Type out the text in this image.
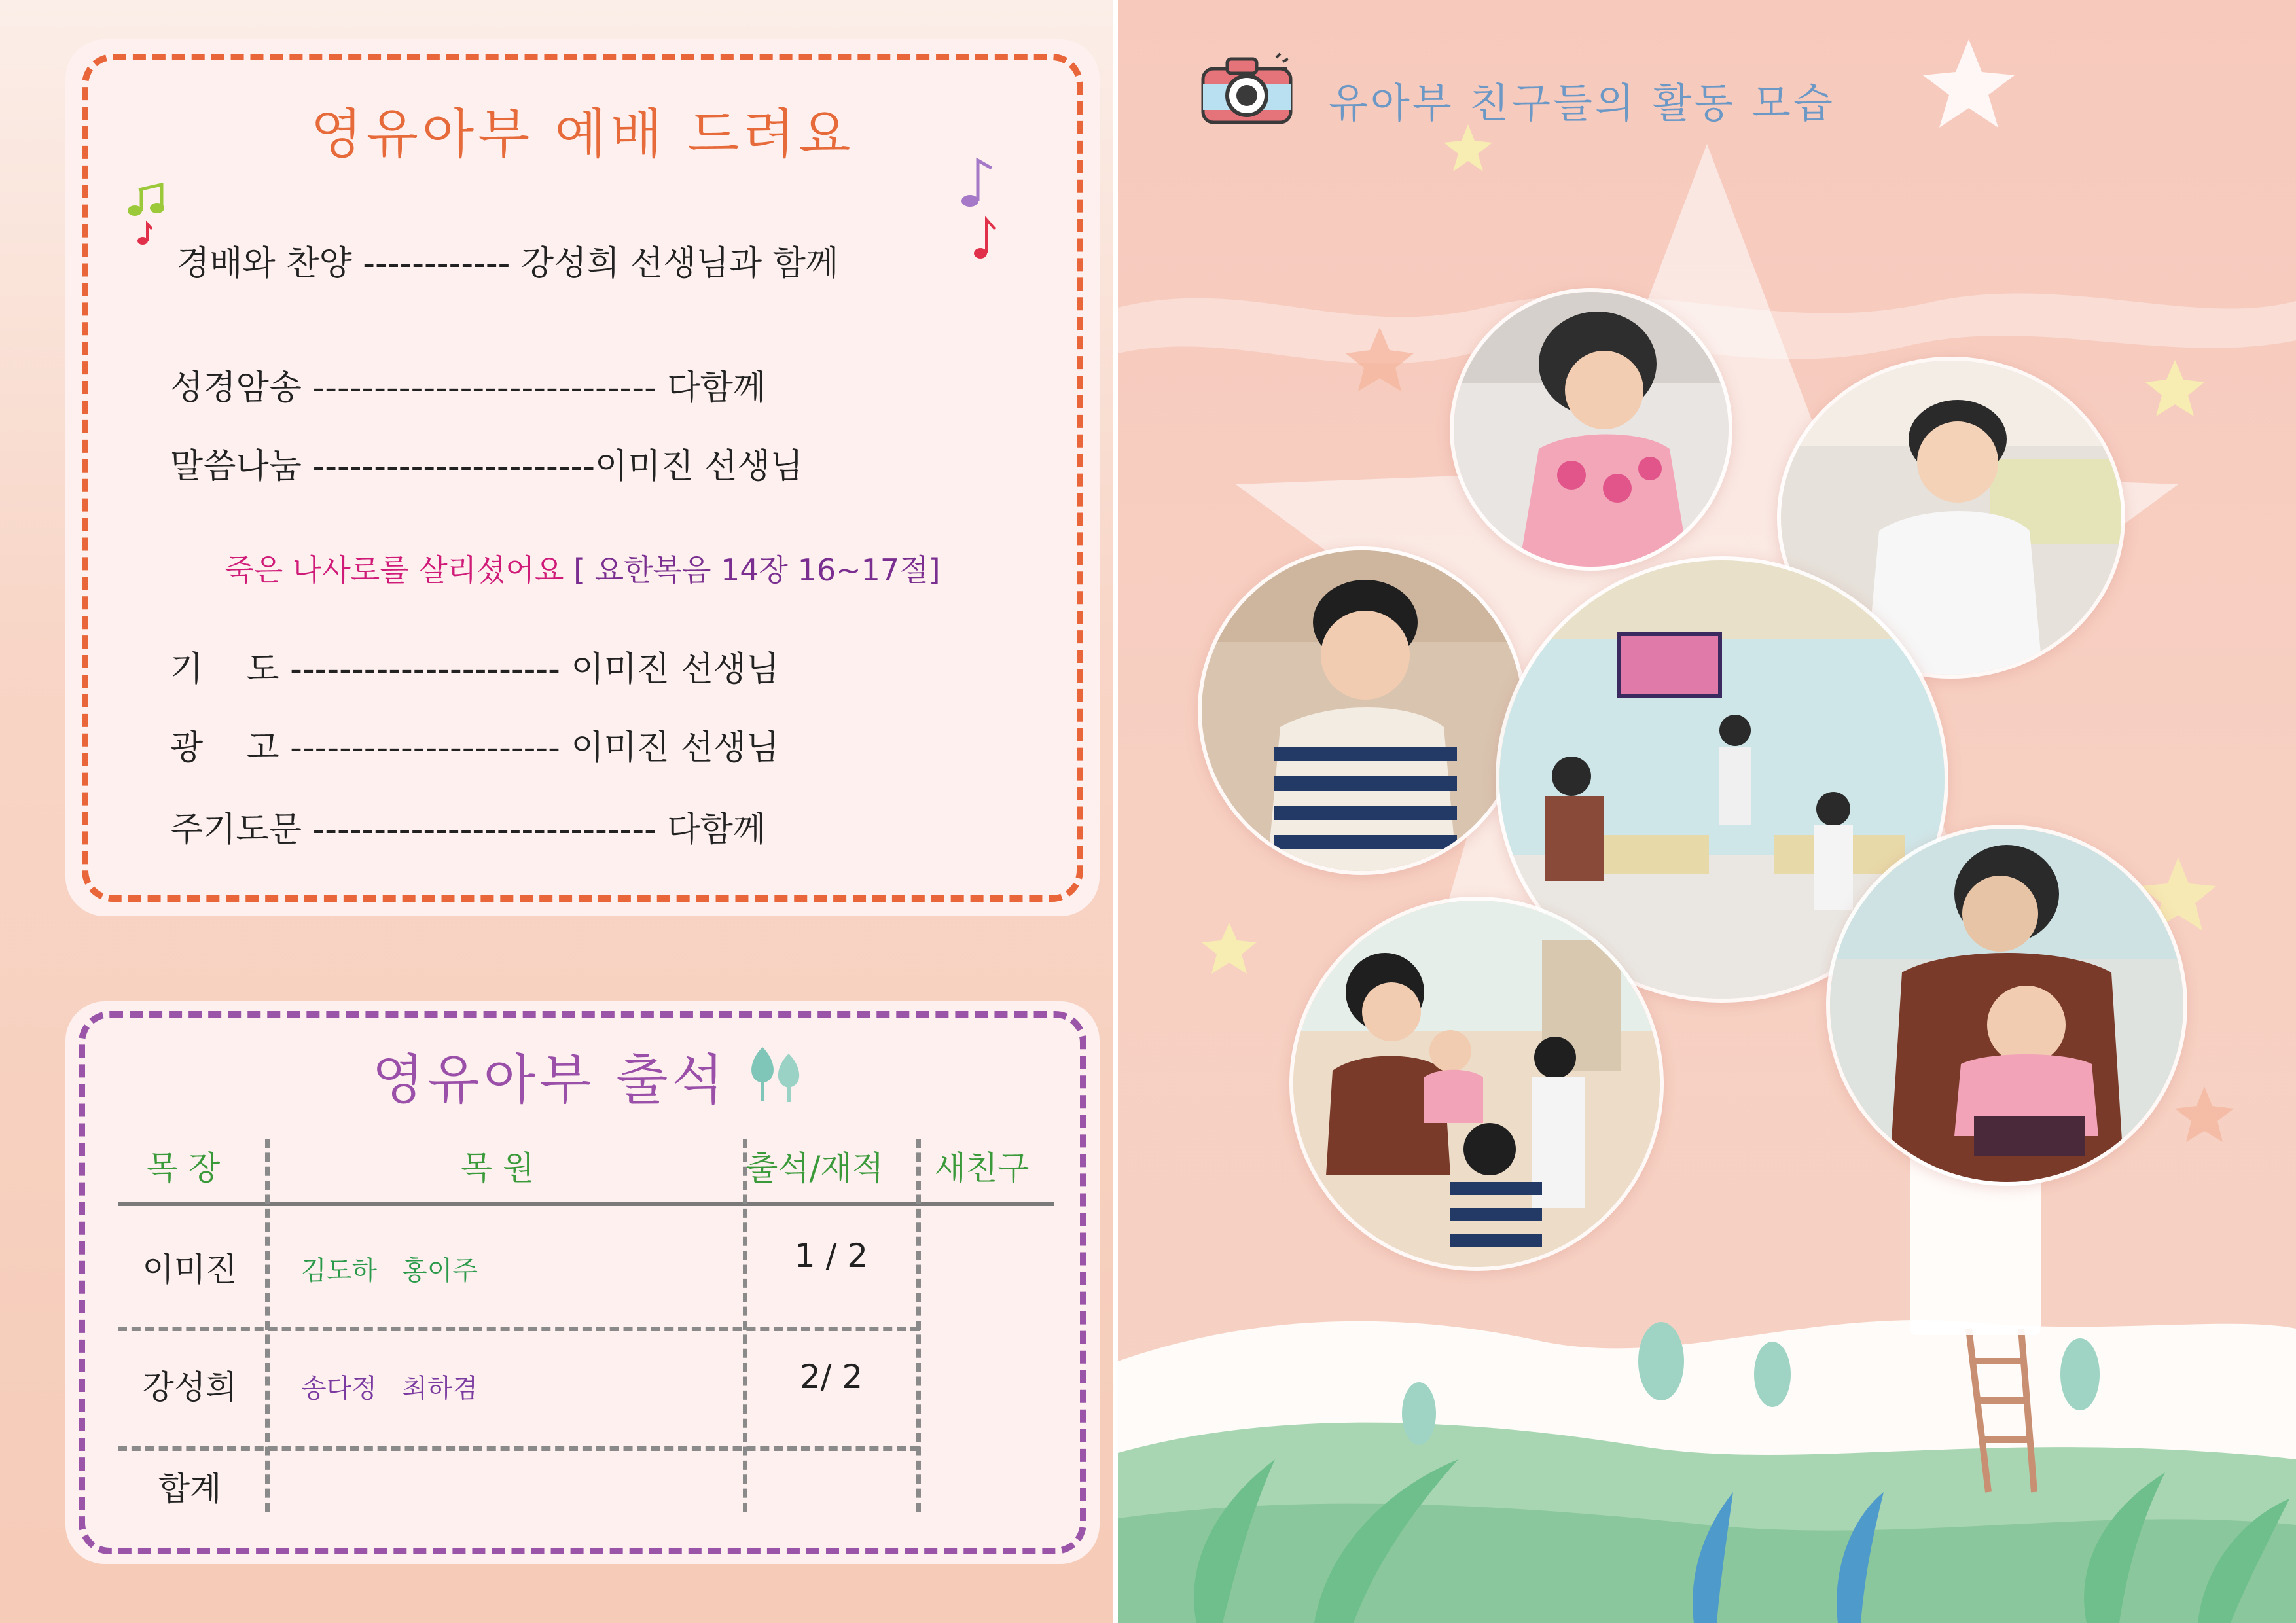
영유아부 예배 드려요
경배와 찬양 ------------ 강성희 선생님과 함께
성경암송 ---------------------------- 다함께
말씀나눔 -----------------------이미진 선생님
죽은 나사로를 살리셨어요 [ 요한복음 14장 16~17절]
기    도 ---------------------- 이미진 선생님
광    고 ---------------------- 이미진 선생님
주기도문 ---------------------------- 다함께
영유아부 출석
목 장	목 원	출석/재적	새친구
이미진	김도하   홍이주	1 / 2
강성희	송다정   최하겸	2/ 2
합계
유아부 친구들의 활동 모습
